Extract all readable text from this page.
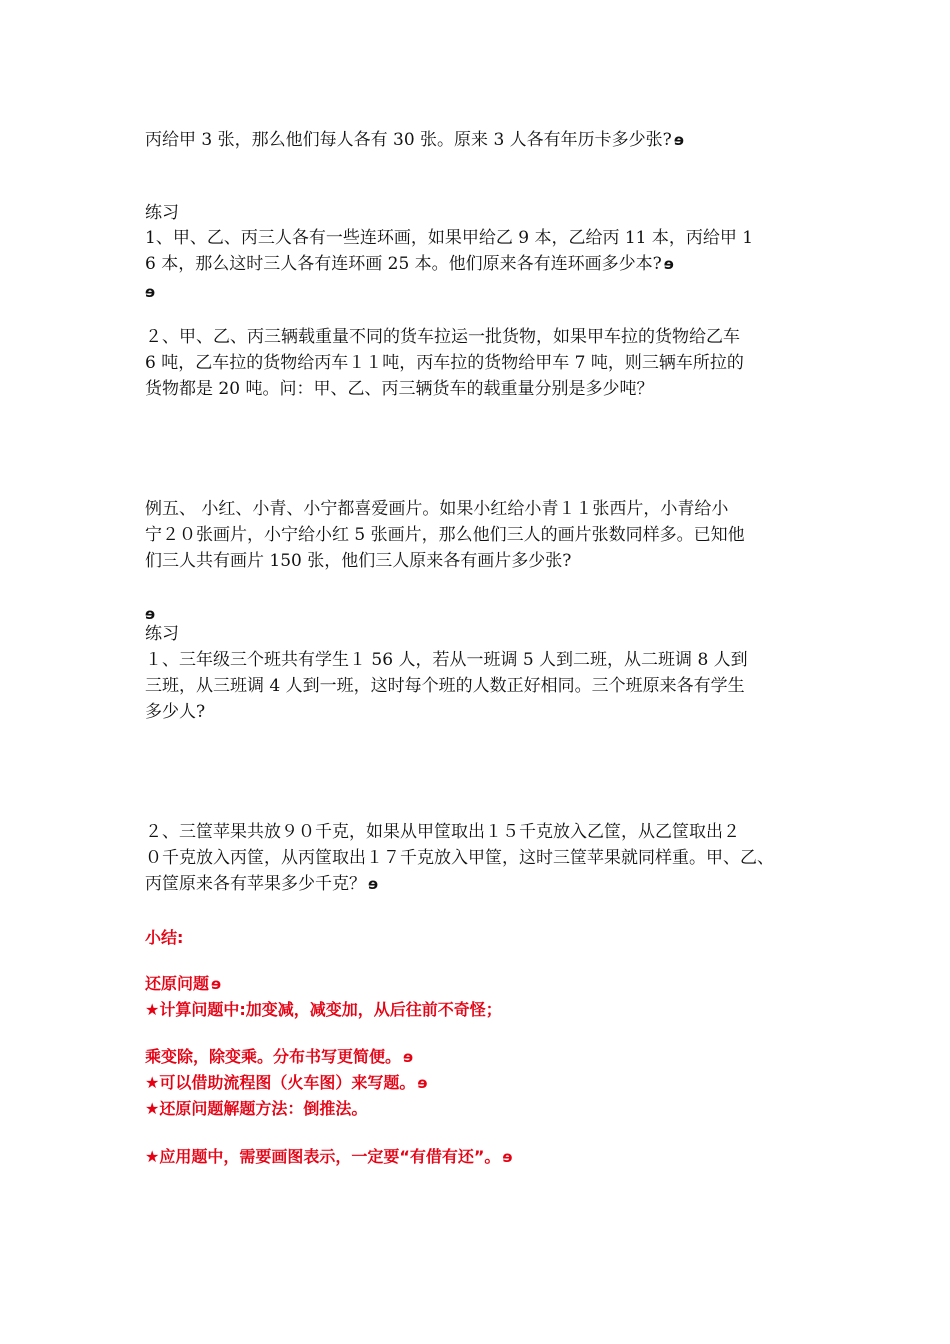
丙给甲 3 张，那么他们每人各有 30 张。原来 3 人各有年历卡多少张? ɘ
练习
1、甲、乙、丙三人各有一些连环画，如果甲给乙 9 本，乙给丙 11 本，丙给甲 1
6 本，那么这时三人各有连环画 25 本。他们原来各有连环画多少本? ɘ
ɘ
２、甲、乙、丙三辆载重量不同的货车拉运一批货物，如果甲车拉的货物给乙车
6 吨，乙车拉的货物给丙车１１吨，丙车拉的货物给甲车 7 吨，则三辆车所拉的
货物都是 20 吨。问：甲、乙、丙三辆货车的载重量分别是多少吨？
例五、 小红、小青、小宁都喜爱画片。如果小红给小青１１张西片，小青给小
宁２０张画片，小宁给小红 5 张画片，那么他们三人的画片张数同样多。已知他
们三人共有画片 150 张，他们三人原来各有画片多少张?
ɘ
练习
１、三年级三个班共有学生１ 56 人，若从一班调 5 人到二班，从二班调 8 人到
三班，从三班调 4 人到一班，这时每个班的人数正好相同。三个班原来各有学生
多少人?
２、三筐苹果共放９０千克，如果从甲筐取出１５千克放入乙筐，从乙筐取出２
０千克放入丙筐，从丙筐取出１７千克放入甲筐，这时三筐苹果就同样重。甲、乙、
丙筐原来各有苹果多少千克？ ɘ
小结:
还原问题 ɘ
★计算问题中:加变减，减变加，从后往前不奇怪；
乘变除，除变乘。分布书写更简便。 ɘ
★可以借助流程图（火车图）来写题。 ɘ
★还原问题解题方法：倒推法。
★应用题中，需要画图表示，一定要“有借有还”。 ɘ
